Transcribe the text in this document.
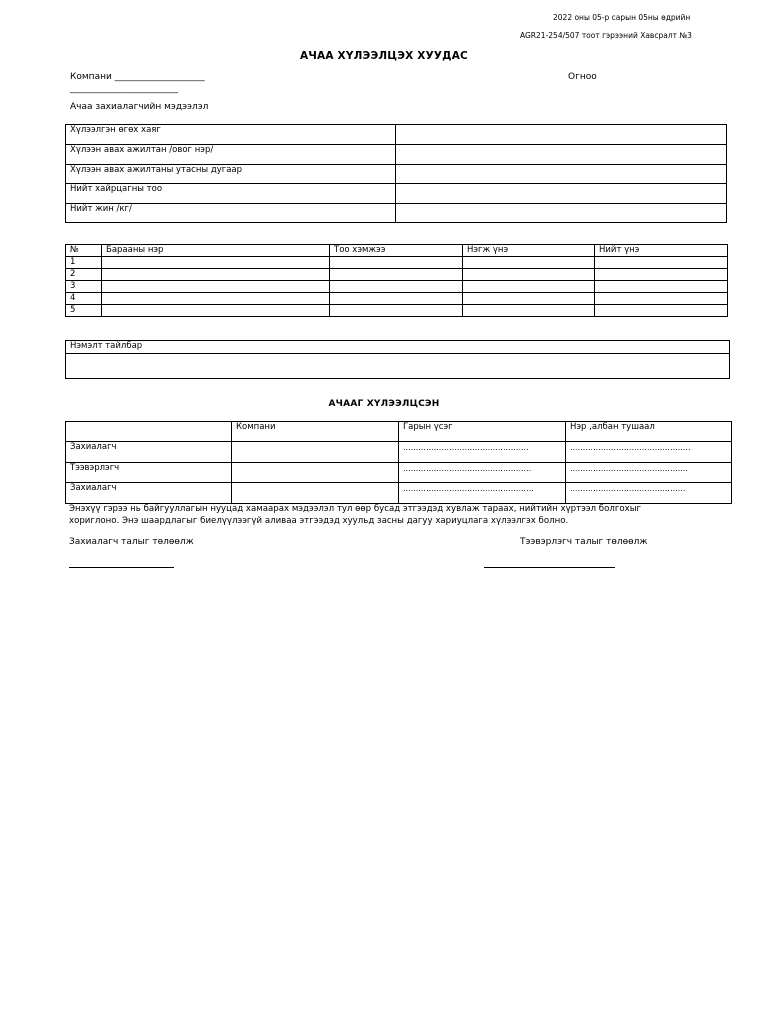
2022 оны 05-р сарын 05ны өдрийн
AGR21-254/507 тоот гэрээний Хавсралт №3
АЧАА ХҮЛЭЭЛЦЭХ ХУУДАС
Компани ____________________
________________________
Огноо
Ачаа захиалагчийн мэдээлэл
Хүлээлгэн өгөх хаяг	
Хүлээн авах ажилтан /овог нэр/	
Хүлээн авах ажилтаны утасны дугаар	
Нийт хайрцагны тоо	
Нийт жин /кг/	
№	Барааны нэр	Тоо хэмжээ	Нэгж үнэ	Нийт үнэ
1				
2				
3				
4				
5				
Нэмэлт тайлбар

АЧААГ ХҮЛЭЭЛЦСЭН
	Компани	Гарын үсэг	Нэр ,албан тушаал
Захиалагч		………………………………………….	………………………………………..
Тээвэрлэгч		…………………………………………..	……………………………………….
Захиалагч		……………………………………………	………………………………………
Энэхүү гэрээ нь байгууллагын нууцад хамаарах мэдээлэл тул өөр бусад этгээдэд хувлаж тараах, нийтийн хүртээл болгохыг
хориглоно. Энэ шаардлагыг биелүүлээгүй аливаа этгээдэд хуульд засны дагуу хариуцлага хүлээлгэх болно.
Захиалагч талыг төлөөлж	Тээвэрлэгч талыг төлөөлж
